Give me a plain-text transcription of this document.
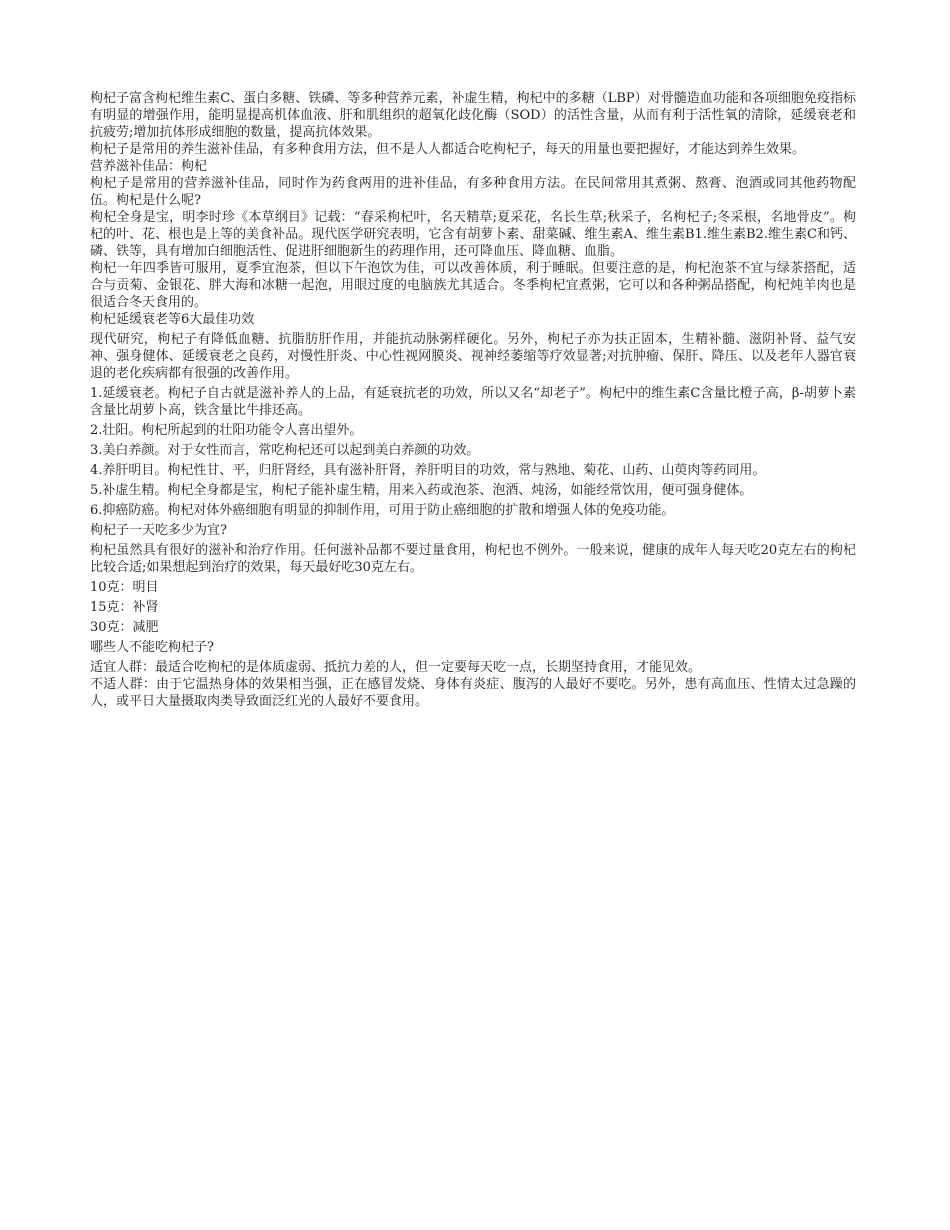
枸杞子富含枸杞维生素C、蛋白多糖、铁磷、等多种营养元素，补虚生精，枸杞中的多糖（LBP）对骨髓造血功能和各项细胞免疫指标有明显的增强作用，能明显提高机体血液、肝和肌组织的超氧化歧化酶（SOD）的活性含量，从而有利于活性氧的清除，延缓衰老和抗疲劳;增加抗体形成细胞的数量，提高抗体效果。

枸杞子是常用的养生滋补佳品，有多种食用方法，但不是人人都适合吃枸杞子，每天的用量也要把握好，才能达到养生效果。

营养滋补佳品：枸杞

枸杞子是常用的营养滋补佳品，同时作为药食两用的进补佳品，有多种食用方法。在民间常用其煮粥、熬膏、泡酒或同其他药物配伍。枸杞是什么呢?

枸杞全身是宝，明李时珍《本草纲目》记载：“春采枸杞叶，名天精草;夏采花，名长生草;秋采子，名枸杞子;冬采根，名地骨皮”。枸杞的叶、花、根也是上等的美食补品。现代医学研究表明，它含有胡萝卜素、甜菜碱、维生素A、维生素B1.维生素B2.维生素C和钙、磷、铁等，具有增加白细胞活性、促进肝细胞新生的药理作用，还可降血压、降血糖、血脂。

枸杞一年四季皆可服用，夏季宜泡茶，但以下午泡饮为佳，可以改善体质，利于睡眠。但要注意的是，枸杞泡茶不宜与绿茶搭配，适合与贡菊、金银花、胖大海和冰糖一起泡，用眼过度的电脑族尤其适合。冬季枸杞宜煮粥，它可以和各种粥品搭配，枸杞炖羊肉也是很适合冬天食用的。

枸杞延缓衰老等6大最佳功效

现代研究，枸杞子有降低血糖、抗脂肪肝作用，并能抗动脉粥样硬化。另外，枸杞子亦为扶正固本，生精补髓、滋阴补肾、益气安神、强身健体、延缓衰老之良药，对慢性肝炎、中心性视网膜炎、视神经萎缩等疗效显著;对抗肿瘤、保肝、降压、以及老年人器官衰退的老化疾病都有很强的改善作用。

1.延缓衰老。枸杞子自古就是滋补养人的上品，有延衰抗老的功效，所以又名“却老子”。枸杞中的维生素C含量比橙子高，β-胡萝卜素含量比胡萝卜高，铁含量比牛排还高。

2.壮阳。枸杞所起到的壮阳功能令人喜出望外。

3.美白养颜。对于女性而言，常吃枸杞还可以起到美白养颜的功效。

4.养肝明目。枸杞性甘、平，归肝肾经，具有滋补肝肾，养肝明目的功效，常与熟地、菊花、山药、山萸肉等药同用。

5.补虚生精。枸杞全身都是宝，枸杞子能补虚生精，用来入药或泡茶、泡酒、炖汤，如能经常饮用，便可强身健体。

6.抑癌防癌。枸杞对体外癌细胞有明显的抑制作用，可用于防止癌细胞的扩散和增强人体的免疫功能。

枸杞子一天吃多少为宜?

枸杞虽然具有很好的滋补和治疗作用。任何滋补品都不要过量食用，枸杞也不例外。一般来说，健康的成年人每天吃20克左右的枸杞比较合适;如果想起到治疗的效果，每天最好吃30克左右。

10克：明目

15克：补肾

30克：减肥

哪些人不能吃枸杞子?

适宜人群：最适合吃枸杞的是体质虚弱、抵抗力差的人，但一定要每天吃一点，长期坚持食用，才能见效。

不适人群：由于它温热身体的效果相当强，正在感冒发烧、身体有炎症、腹泻的人最好不要吃。另外，患有高血压、性情太过急躁的人，或平日大量摄取肉类导致面泛红光的人最好不要食用。
